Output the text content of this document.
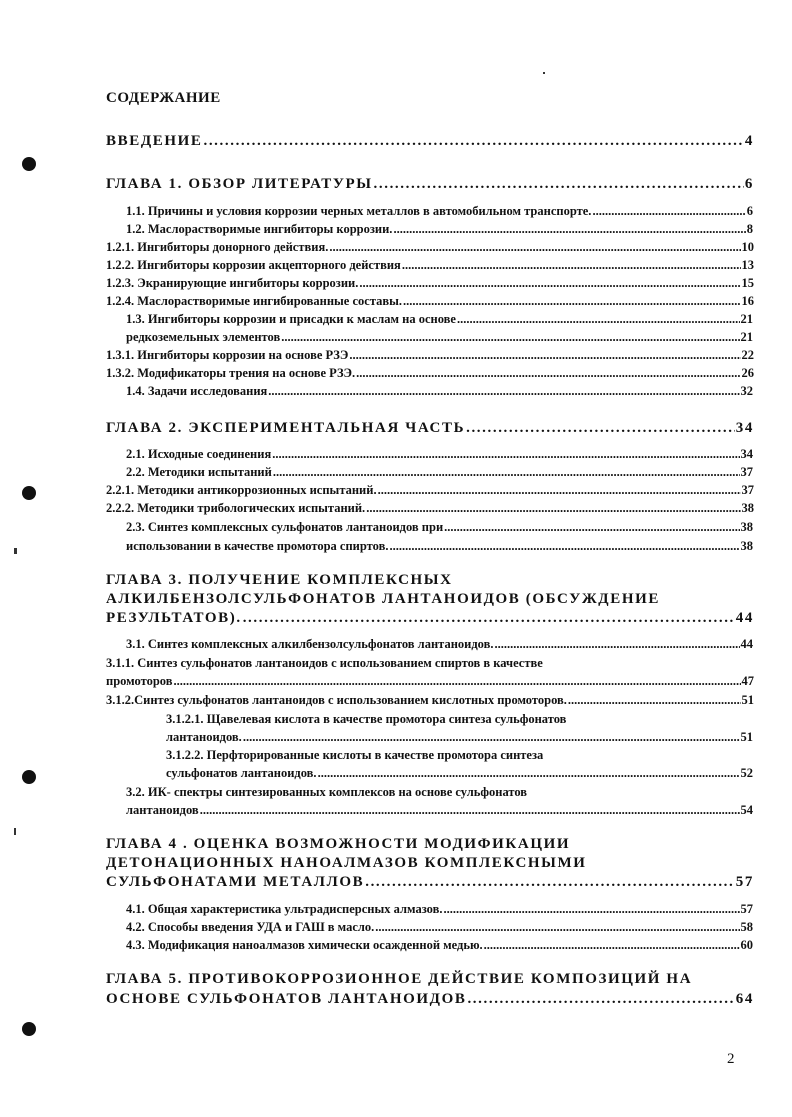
СОДЕРЖАНИЕ
ВВЕДЕНИЕ .....	4
ГЛАВА 1. ОБЗОР ЛИТЕРАТУРЫ .....	6
1.1. Причины и условия коррозии черных металлов в автомобильном транспорте. .....	6
1.2. Маслорастворимые ингибиторы коррозии. .....	8
1.2.1. Ингибиторы донорного действия. .....	10
1.2.2. Ингибиторы коррозии акцепторного действия .....	13
1.2.3. Экранирующие ингибиторы коррозии. .....	15
1.2.4. Маслорастворимые ингибированные составы. .....	16
1.3. Ингибиторы коррозии и присадки к маслам на основе .....	21
редкоземельных элементов .....	21
1.3.1. Ингибиторы коррозии на основе РЗЭ .....	22
1.3.2. Модификаторы трения на основе РЗЭ. .....	26
1.4. Задачи исследования .....	32
ГЛАВА 2. ЭКСПЕРИМЕНТАЛЬНАЯ ЧАСТЬ .....	34
2.1. Исходные соединения .....	34
2.2. Методики испытаний .....	37
2.2.1. Методики антикоррозионных испытаний. .....	37
2.2.2. Методики трибологических испытаний. .....	38
2.3. Синтез комплексных сульфонатов лантаноидов при .....	38
использовании в качестве промотора спиртов. .....	38
ГЛАВА 3. ПОЛУЧЕНИЕ КОМПЛЕКСНЫХ
АЛКИЛБЕНЗОЛСУЛЬФОНАТОВ ЛАНТАНОИДОВ (ОБСУЖДЕНИЕ
РЕЗУЛЬТАТОВ). .....	44
3.1. Синтез комплексных алкилбензолсульфонатов лантаноидов. .....	44
3.1.1. Синтез сульфонатов лантаноидов с использованием спиртов в качестве
промоторов .....	47
3.1.2.Синтез сульфонатов лантаноидов с использованием кислотных промоторов. .....	51
3.1.2.1. Щавелевая кислота в качестве промотора синтеза сульфонатов
лантаноидов. .....	51
3.1.2.2. Перфторированные кислоты в качестве промотора синтеза
сульфонатов лантаноидов. .....	52
3.2. ИК- спектры синтезированных комплексов на основе сульфонатов
лантаноидов .....	54
ГЛАВА 4 . ОЦЕНКА ВОЗМОЖНОСТИ МОДИФИКАЦИИ
ДЕТОНАЦИОННЫХ НАНОАЛМАЗОВ КОМПЛЕКСНЫМИ
СУЛЬФОНАТАМИ МЕТАЛЛОВ .....	57
4.1. Общая характеристика ультрадисперсных алмазов. .....	57
4.2. Способы введения УДА и ГАШ в масло. .....	58
4.3. Модификация наноалмазов химически осажденной медью. .....	60
ГЛАВА 5. ПРОТИВОКОРРОЗИОННОЕ ДЕЙСТВИЕ КОМПОЗИЦИЙ НА
ОСНОВЕ СУЛЬФОНАТОВ ЛАНТАНОИДОВ .....	64
2
